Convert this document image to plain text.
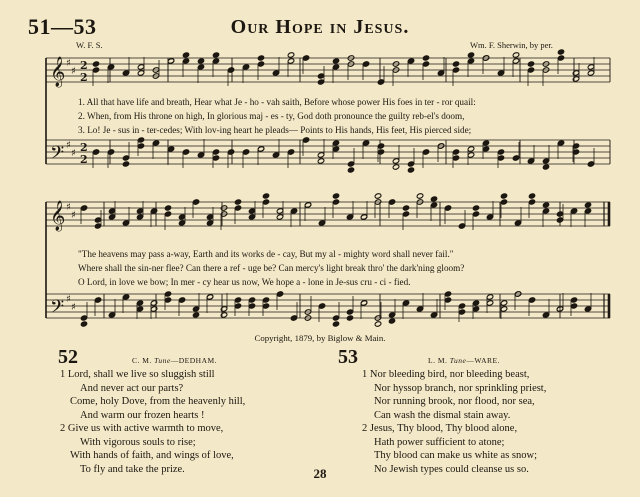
51—53	Our Hope in Jesus.
W. F. S.	Wm. F. Sherwin, by per.
𝄞
𝄢
𝄞
𝄢
♯
♯
♯
♯
♯
♯
♯
♯
2
2
2
2
1. All that have life and breath, Hear what Je - ho - vah saith, Before whose power His foes in ter - ror quail:
2. When, from His throne on high, In glorious maj - es - ty, God doth pronounce the guilty reb-el's doom,
3. Lo! Je - sus in - ter-cedes; With lov-ing heart he pleads— Points to His hands, His feet, His pierced side;
"The heavens may pass a-way, Earth and its works de - cay, But my al - mighty word shall never fail."
Where shall the sin-ner flee? Can there a ref - uge be? Can mercy's light break thro' the dark'ning gloom?
O Lord, in love we bow; In mer - cy hear us now, We hope a - lone in Je-sus cru - ci - fied.
Copyright, 1879, by Biglow & Main.
52	C. M. Tune—DEDHAM.
1 Lord, shall we live so sluggish still
And never act our parts?
Come, holy Dove, from the heavenly hill,
And warm our frozen hearts !
2 Give us with active warmth to move,
With vigorous souls to rise;
With hands of faith, and wings of love,
To fly and take the prize.
53	L. M. Tune—WARE.
1 Nor bleeding bird, nor bleeding beast,
Nor hyssop branch, nor sprinkling priest,
Nor running brook, nor flood, nor sea,
Can wash the dismal stain away.
2 Jesus, Thy blood, Thy blood alone,
Hath power sufficient to atone;
Thy blood can make us white as snow;
No Jewish types could cleanse us so.
28
